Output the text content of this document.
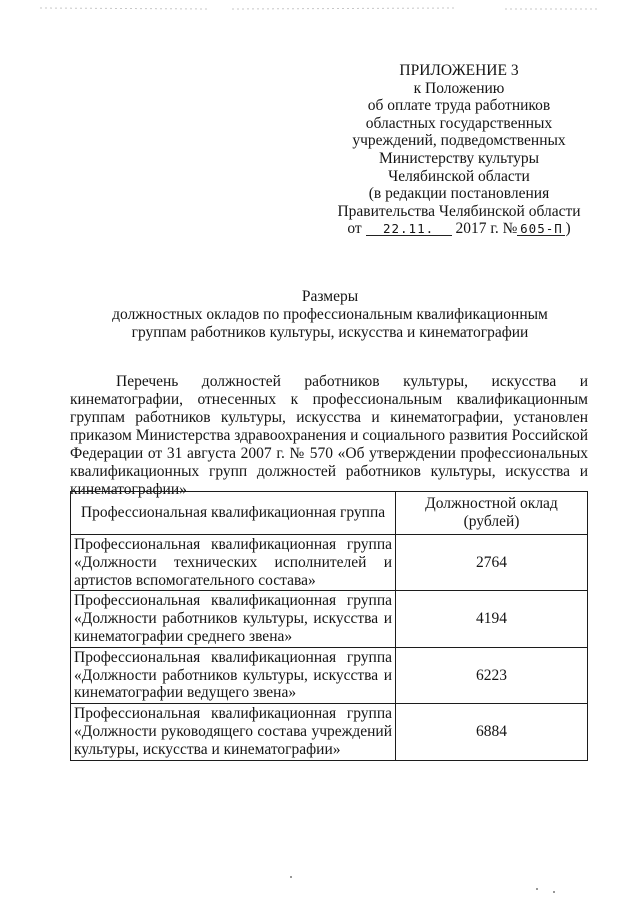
ПРИЛОЖЕНИЕ 3
к Положению
об оплате труда работников
областных государственных
учреждений, подведомственных
Министерству культуры
Челябинской области
(в редакции постановления
Правительства Челябинской области
от 22.11. 2017 г. № 605-П )
Размеры
должностных окладов по профессиональным квалификационным
группам работников культуры, искусства и кинематографии

Перечень должностей работников культуры, искусства и кинематографии, отнесенных к профессиональным квалификационным группам работников культуры, искусства и кинематографии, установлен приказом Министерства здравоохранения и социального развития Российской Федерации от 31 августа 2007 г. № 570 «Об утверждении профессиональных квалификационных групп должностей работников культуры, искусства и кинематографии»

Профессиональная квалификационная группа	Должностной оклад (рублей)
Профессиональная квалификационная группа «Должности технических исполнителей и артистов вспомогательного состава»	2764
Профессиональная квалификационная группа «Должности работников культуры, искусства и кинематографии среднего звена»	4194
Профессиональная квалификационная группа «Должности работников культуры, искусства и кинематографии ведущего звена»	6223
Профессиональная квалификационная группа «Должности руководящего состава учреждений культуры, искусства и кинематографии»	6884
